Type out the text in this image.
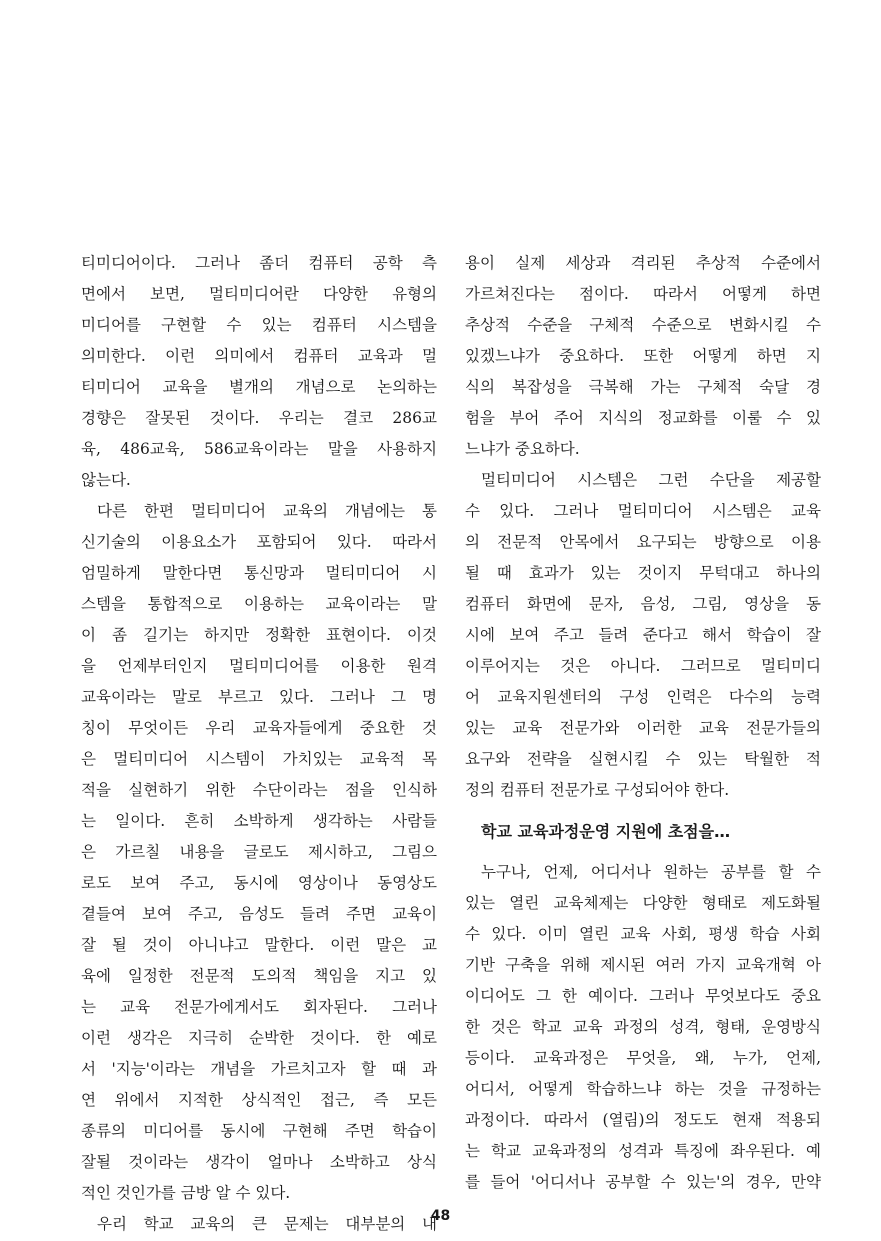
티미디어이다. 그러나 좀더 컴퓨터 공학 측
면에서 보면, 멀티미디어란 다양한 유형의
미디어를 구현할 수 있는 컴퓨터 시스템을
의미한다. 이런 의미에서 컴퓨터 교육과 멀
티미디어 교육을 별개의 개념으로 논의하는
경향은 잘못된 것이다. 우리는 결코 286교
육, 486교육, 586교육이라는 말을 사용하지
않는다.
다른 한편 멀티미디어 교육의 개념에는 통
신기술의 이용요소가 포함되어 있다. 따라서
엄밀하게 말한다면 통신망과 멀티미디어 시
스템을 통합적으로 이용하는 교육이라는 말
이 좀 길기는 하지만 정확한 표현이다. 이것
을 언제부터인지 멀티미디어를 이용한 원격
교육이라는 말로 부르고 있다. 그러나 그 명
칭이 무엇이든 우리 교육자들에게 중요한 것
은 멀티미디어 시스템이 가치있는 교육적 목
적을 실현하기 위한 수단이라는 점을 인식하
는 일이다. 흔히 소박하게 생각하는 사람들
은 가르칠 내용을 글로도 제시하고, 그림으
로도 보여 주고, 동시에 영상이나 동영상도
곁들여 보여 주고, 음성도 들려 주면 교육이
잘 될 것이 아니냐고 말한다. 이런 말은 교
육에 일정한 전문적 도의적 책임을 지고 있
는 교육 전문가에게서도 회자된다. 그러나
이런 생각은 지극히 순박한 것이다. 한 예로
서 '지능'이라는 개념을 가르치고자 할 때 과
연 위에서 지적한 상식적인 접근, 즉 모든
종류의 미디어를 동시에 구현해 주면 학습이
잘될 것이라는 생각이 얼마나 소박하고 상식
적인 것인가를 금방 알 수 있다.
우리 학교 교육의 큰 문제는 대부분의 내
용이 실제 세상과 격리된 추상적 수준에서
가르쳐진다는 점이다. 따라서 어떻게 하면
추상적 수준을 구체적 수준으로 변화시킬 수
있겠느냐가 중요하다. 또한 어떻게 하면 지
식의 복잡성을 극복해 가는 구체적 숙달 경
험을 부어 주어 지식의 정교화를 이룰 수 있
느냐가 중요하다.
멀티미디어 시스템은 그런 수단을 제공할
수 있다. 그러나 멀티미디어 시스템은 교육
의 전문적 안목에서 요구되는 방향으로 이용
될 때 효과가 있는 것이지 무턱대고 하나의
컴퓨터 화면에 문자, 음성, 그림, 영상을 동
시에 보여 주고 들려 준다고 해서 학습이 잘
이루어지는 것은 아니다. 그러므로 멀티미디
어 교육지원센터의 구성 인력은 다수의 능력
있는 교육 전문가와 이러한 교육 전문가들의
요구와 전략을 실현시킬 수 있는 탁월한 적
정의 컴퓨터 전문가로 구성되어야 한다.
학교 교육과정운영 지원에 초점을…
누구나, 언제, 어디서나 원하는 공부를 할 수
있는 열린 교육체제는 다양한 형태로 제도화될
수 있다. 이미 열린 교육 사회, 평생 학습 사회
기반 구축을 위해 제시된 여러 가지 교육개혁 아
이디어도 그 한 예이다. 그러나 무엇보다도 중요
한 것은 학교 교육 과정의 성격, 형태, 운영방식
등이다. 교육과정은 무엇을, 왜, 누가, 언제,
어디서, 어떻게 학습하느냐 하는 것을 규정하는
과정이다. 따라서 (열림)의 정도도 현재 적용되
는 학교 교육과정의 성격과 특징에 좌우된다. 예
를 들어 '어디서나 공부할 수 있는'의 경우, 만약
48
